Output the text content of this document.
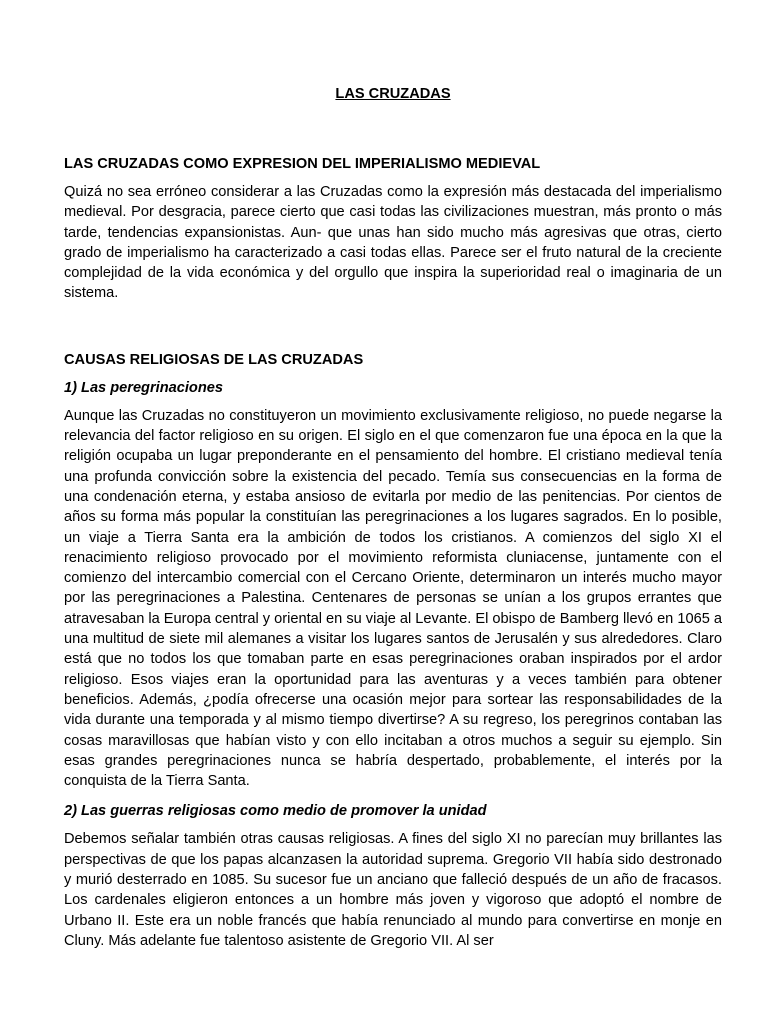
LAS CRUZADAS
LAS CRUZADAS COMO EXPRESION DEL IMPERIALISMO MEDIEVAL

Quizá no sea erróneo considerar a las Cruzadas como la expresión más destacada del imperialismo medieval. Por desgracia, parece cierto que casi todas las civilizaciones muestran, más pronto o más tarde, tendencias expansionistas. Aun- que unas han sido mucho más agresivas que otras, cierto grado de imperialismo ha caracterizado a casi todas ellas. Parece ser el fruto natural de la creciente complejidad de la vida económica y del orgullo que inspira la superioridad real o imaginaria de un sistema.

CAUSAS RELIGIOSAS DE LAS CRUZADAS
1) Las peregrinaciones

Aunque las Cruzadas no constituyeron un movimiento exclusivamente religioso, no puede negarse la relevancia del factor religioso en su origen. El siglo en el que comenzaron fue una época en la que la religión ocupaba un lugar preponderante en el pensamiento del hombre. El cristiano medieval tenía una profunda convicción sobre la existencia del pecado. Temía sus consecuencias en la forma de una condenación eterna, y estaba ansioso de evitarla por medio de las penitencias. Por cientos de años su forma más popular la constituían las peregrinaciones a los lugares sagrados. En lo posible, un viaje a Tierra Santa era la ambición de todos los cristianos. A comienzos del siglo XI el renacimiento religioso provocado por el movimiento reformista cluniacense, juntamente con el comienzo del intercambio comercial con el Cercano Oriente, determinaron un interés mucho mayor por las peregrinaciones a Palestina. Centenares de personas se unían a los grupos errantes que atravesaban la Europa central y oriental en su viaje al Levante. El obispo de Bamberg llevó en 1065 a una multitud de siete mil alemanes a visitar los lugares santos de Jerusalén y sus alrededores. Claro está que no todos los que tomaban parte en esas peregrinaciones oraban inspirados por el ardor religioso. Esos viajes eran la oportunidad para las aventuras y a veces también para obtener beneficios. Además, ¿podía ofrecerse una ocasión mejor para sortear las responsabilidades de la vida durante una temporada y al mismo tiempo divertirse? A su regreso, los peregrinos contaban las cosas maravillosas que habían visto y con ello incitaban a otros muchos a seguir su ejemplo. Sin esas grandes peregrinaciones nunca se habría despertado, probablemente, el interés por la conquista de la Tierra Santa.

2) Las guerras religiosas como medio de promover la unidad

Debemos señalar también otras causas religiosas. A fines del siglo XI no parecían muy brillantes las perspectivas de que los papas alcanzasen la autoridad suprema. Gregorio VII había sido destronado y murió desterrado en 1085. Su sucesor fue un anciano que falleció después de un año de fracasos. Los cardenales eligieron entonces a un hombre más joven y vigoroso que adoptó el nombre de Urbano II. Este era un noble francés que había renunciado al mundo para convertirse en monje en Cluny. Más adelante fue talentoso asistente de Gregorio VII. Al ser
